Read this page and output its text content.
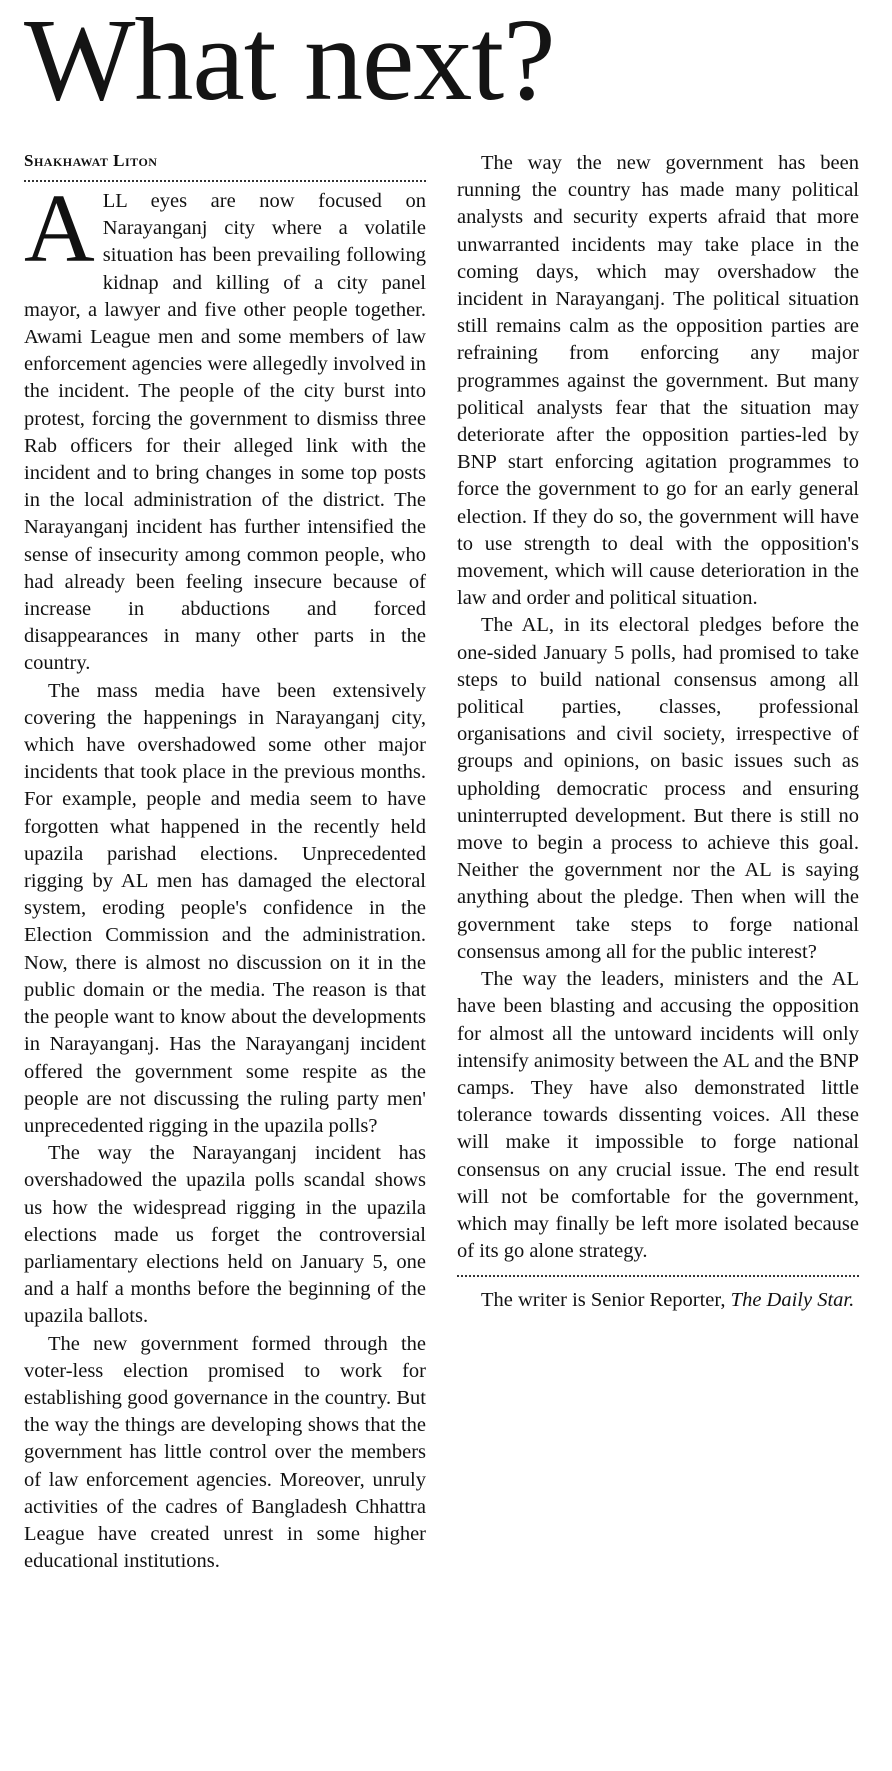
What next?
Shakhawat Liton

ALL eyes are now focused on Narayanganj city where a volatile situation has been prevailing following kidnap and killing of a city panel mayor, a lawyer and five other people together. Awami League men and some members of law enforcement agencies were allegedly involved in the incident. The people of the city burst into protest, forcing the government to dismiss three Rab officers for their alleged link with the incident and to bring changes in some top posts in the local administration of the district. The Narayanganj incident has further intensified the sense of insecurity among common people, who had already been feeling insecure because of increase in abductions and forced disappearances in many other parts in the country.

The mass media have been extensively covering the happenings in Narayanganj city, which have overshadowed some other major incidents that took place in the previous months. For example, people and media seem to have forgotten what happened in the recently held upazila parishad elections. Unprecedented rigging by AL men has damaged the electoral system, eroding people's confidence in the Election Commission and the administration. Now, there is almost no discussion on it in the public domain or the media. The reason is that the people want to know about the developments in Narayanganj. Has the Narayanganj incident offered the government some respite as the people are not discussing the ruling party men' unprecedented rigging in the upazila polls?

The way the Narayanganj incident has overshadowed the upazila polls scandal shows us how the widespread rigging in the upazila elections made us forget the controversial parliamentary elections held on January 5, one and a half a months before the beginning of the upazila ballots.

The new government formed through the voter-less election promised to work for establishing good governance in the country. But the way the things are developing shows that the government has little control over the members of law enforcement agencies. Moreover, unruly activities of the cadres of Bangladesh Chhattra League have created unrest in some higher educational institutions.

The way the new government has been running the country has made many political analysts and security experts afraid that more unwarranted incidents may take place in the coming days, which may overshadow the incident in Narayanganj. The political situation still remains calm as the opposition parties are refraining from enforcing any major programmes against the government. But many political analysts fear that the situation may deteriorate after the opposition parties-led by BNP start enforcing agitation programmes to force the government to go for an early general election. If they do so, the government will have to use strength to deal with the opposition's movement, which will cause deterioration in the law and order and political situation.

The AL, in its electoral pledges before the one-sided January 5 polls, had promised to take steps to build national consensus among all political parties, classes, professional organisations and civil society, irrespective of groups and opinions, on basic issues such as upholding democratic process and ensuring uninterrupted development. But there is still no move to begin a process to achieve this goal. Neither the government nor the AL is saying anything about the pledge. Then when will the government take steps to forge national consensus among all for the public interest?

The way the leaders, ministers and the AL have been blasting and accusing the opposition for almost all the untoward incidents will only intensify animosity between the AL and the BNP camps. They have also demonstrated little tolerance towards dissenting voices. All these will make it impossible to forge national consensus on any crucial issue. The end result will not be comfortable for the government, which may finally be left more isolated because of its go alone strategy.

The writer is Senior Reporter, The Daily Star.
